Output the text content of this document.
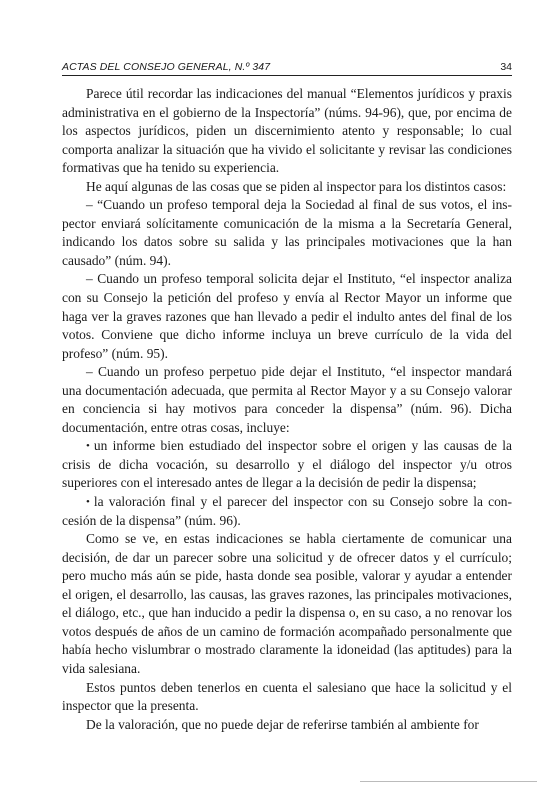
ACTAS DEL CONSEJO GENERAL, N.º 347	34

Parece útil recordar las indicaciones del manual “Elementos jurídicos y praxis administrativa en el gobierno de la Inspectoría” (núms. 94-96), que, por encima de los aspectos jurídicos, piden un discernimiento atento y responsable; lo cual comporta analizar la situación que ha vivido el solicitante y revisar las condiciones formativas que ha tenido su experiencia.

He aquí algunas de las cosas que se piden al inspector para los distintos casos:

– “Cuando un profeso temporal deja la Sociedad al final de sus votos, el inspector enviará solícitamente comunicación de la misma a la Secretaría General, indicando los datos sobre su salida y las principales motivaciones que la han causado” (núm. 94).

– Cuando un profeso temporal solicita dejar el Instituto, “el inspector analiza con su Consejo la petición del profeso y envía al Rector Mayor un informe que haga ver la graves razones que han llevado a pedir el indulto antes del final de los votos. Conviene que dicho informe incluya un breve currículo de la vida del profeso” (núm. 95).

– Cuando un profeso perpetuo pide dejar el Instituto, “el inspector mandará una documentación adecuada, que permita al Rector Mayor y a su Consejo valorar en conciencia si hay motivos para conceder la dispensa” (núm. 96). Dicha documentación, entre otras cosas, incluye:

• un informe bien estudiado del inspector sobre el origen y las causas de la crisis de dicha vocación, su desarrollo y el diálogo del inspector y/u otros superiores con el interesado antes de llegar a la decisión de pedir la dispensa;

• la valoración final y el parecer del inspector con su Consejo sobre la concesión de la dispensa” (núm. 96).

Como se ve, en estas indicaciones se habla ciertamente de comunicar una decisión, de dar un parecer sobre una solicitud y de ofrecer datos y el currículo; pero mucho más aún se pide, hasta donde sea posible, valorar y ayudar a entender el origen, el desarrollo, las causas, las graves razones, las principales motivaciones, el diálogo, etc., que han inducido a pedir la dispensa o, en su caso, a no renovar los votos después de años de un camino de formación acompañado personalmente que había hecho vislumbrar o mostrado claramente la idoneidad (las aptitudes) para la vida salesiana.

Estos puntos deben tenerlos en cuenta el salesiano que hace la solicitud y el inspector que la presenta.

De la valoración, que no puede dejar de referirse también al ambiente for
